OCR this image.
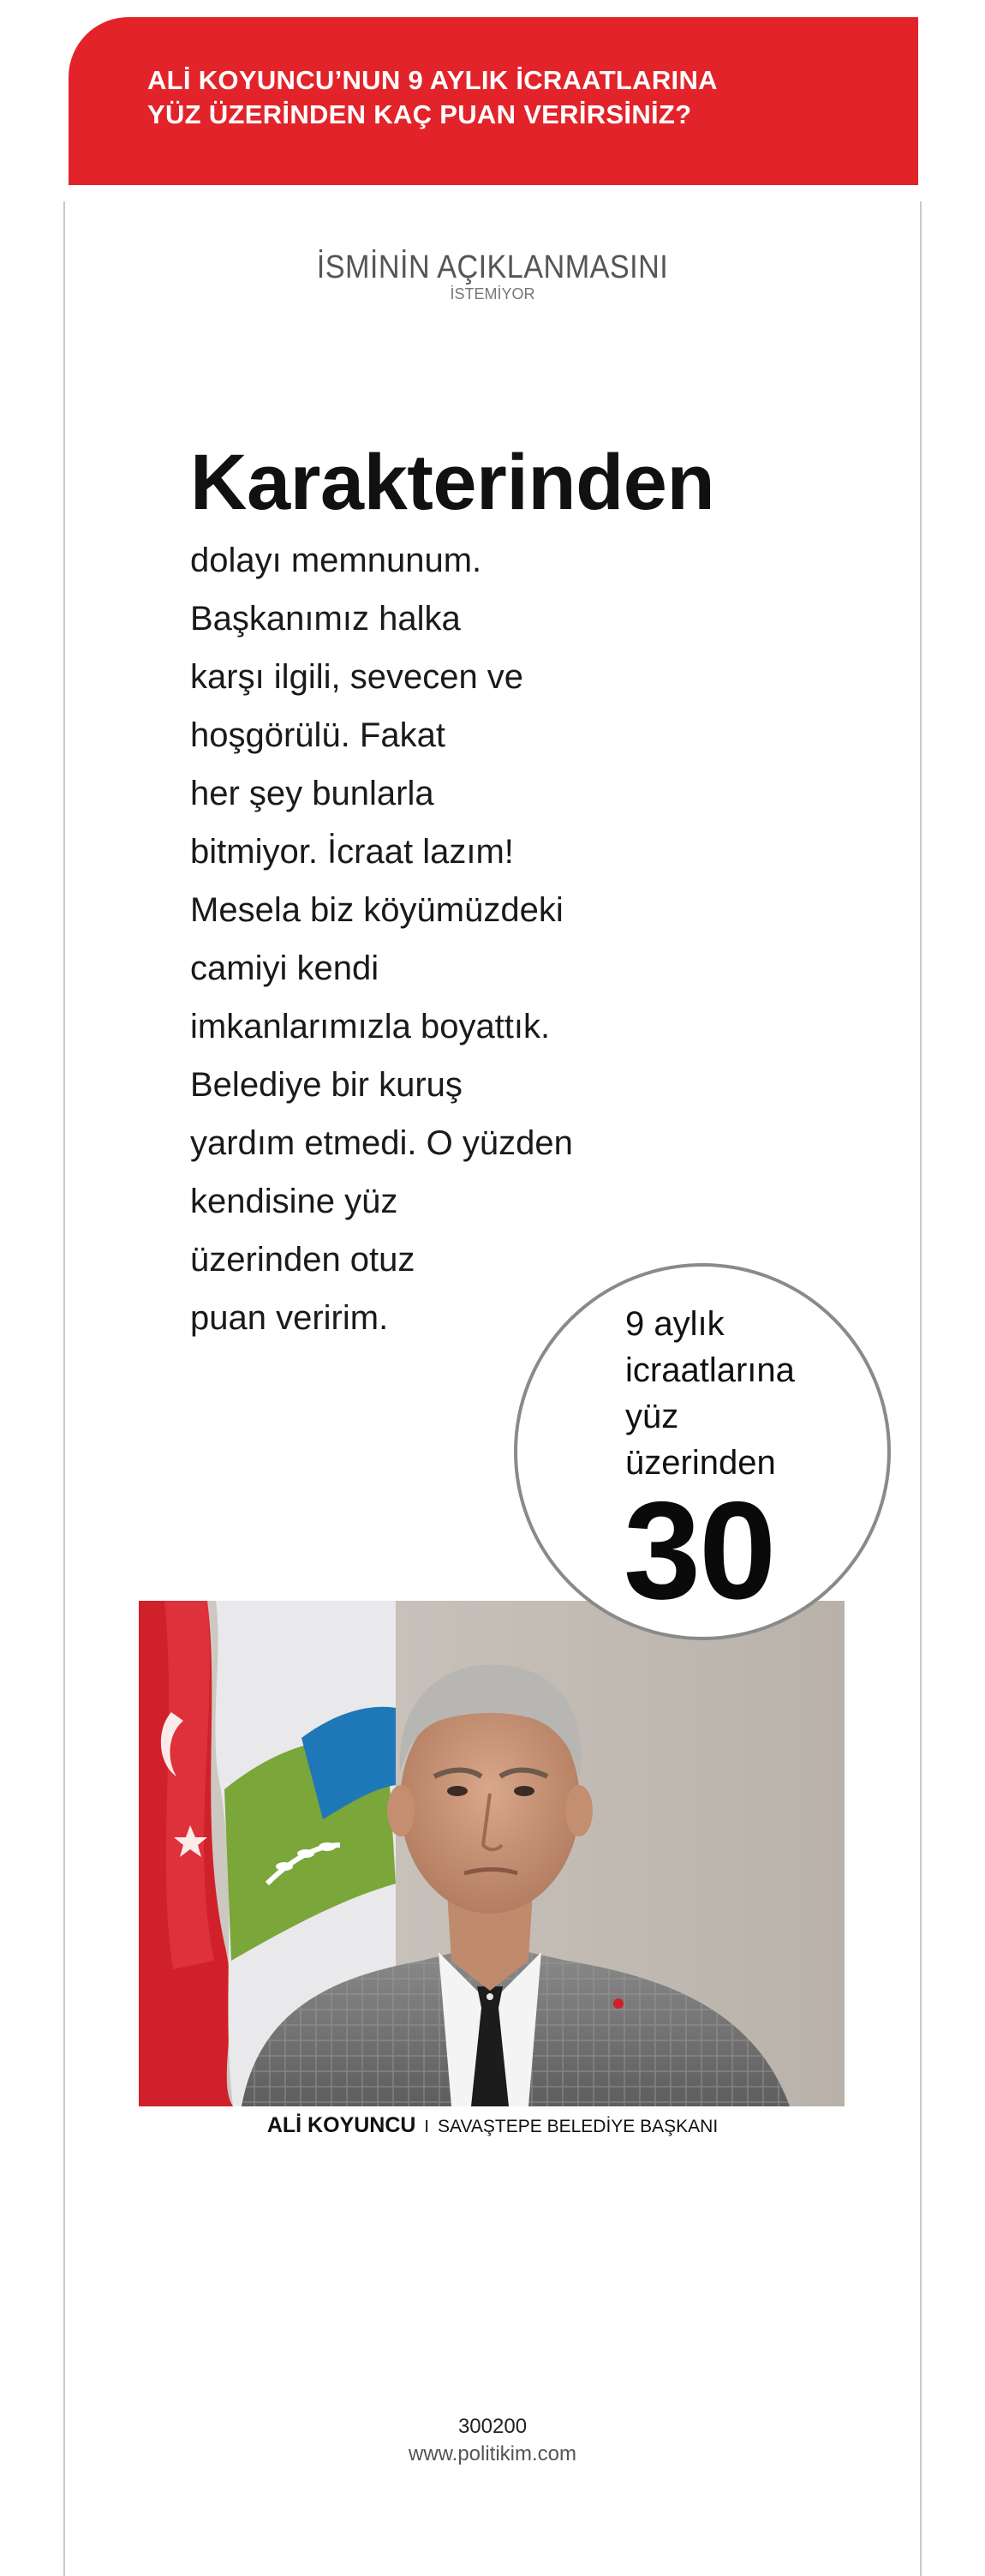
ALİ KOYUNCU’NUN 9 AYLIK İCRAATLARINA
YÜZ ÜZERİNDEN KAÇ PUAN VERİRSİNİZ?
İSMİNİN AÇIKLANMASINI
İSTEMİYOR
Karakterinden
dolayı memnunum.
Başkanımız halka
karşı ilgili, sevecen ve
hoşgörülü. Fakat
her şey bunlarla
bitmiyor. İcraat lazım!
Mesela biz köyümüzdeki
camiyi kendi
imkanlarımızla boyattık.
Belediye bir kuruş
yardım etmedi. O yüzden
kendisine yüz
üzerinden otuz
puan veririm.	9 aylık
icraatlarına
yüz
üzerinden
30
ALİ KOYUNCU I SAVAŞTEPE BELEDİYE BAŞKANI
300200
www.politikim.com
